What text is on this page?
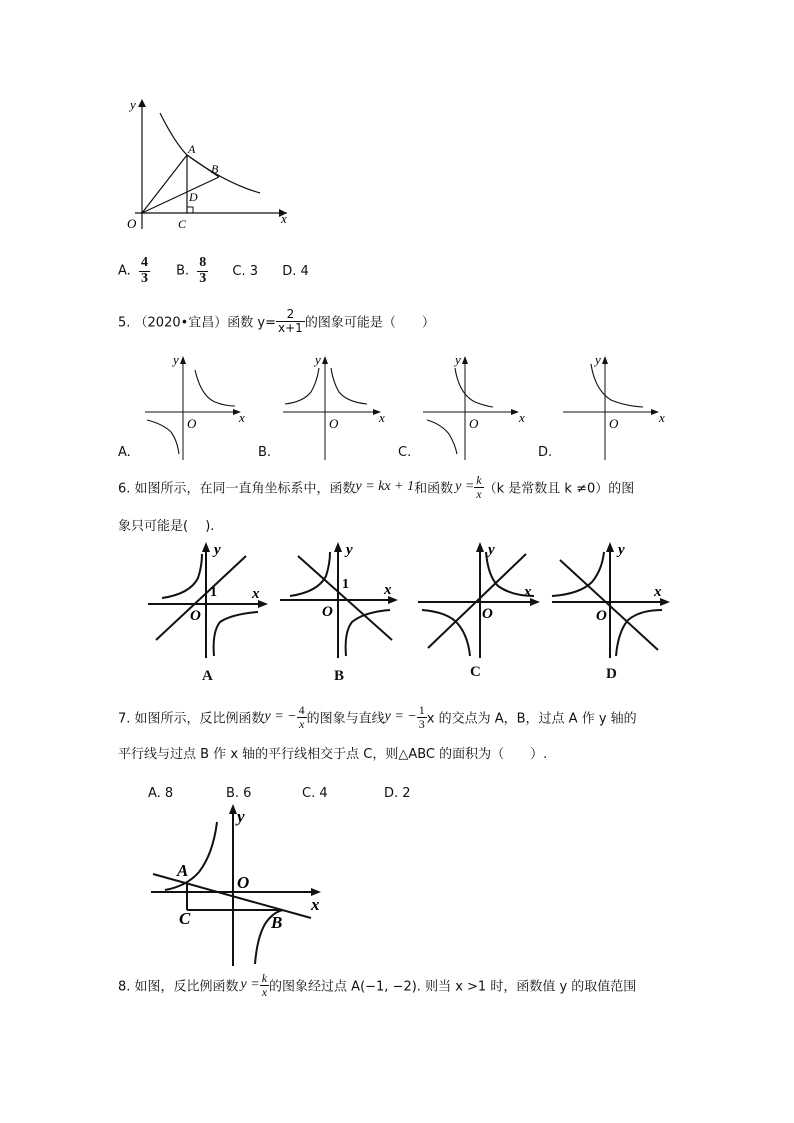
y
x
O
A
B
C
D
A. $\frac{4}{3} B$. $\frac{8}{3} C$. 3 D. 4
5. （2020•宜昌）函数 $y= \frac{2}{x+1}$ 的图象可能是（　　）
y
x
O
y
x
O
y
x
O
y
x
O
A.	B.	C.	D.
6. 如图所示，在同一直角坐标系中，函数y = kx + 1和函数 $y = \frac{k}{x} (k$ 是常数且 k ≠0）的图
象只可能是(　 ).
y
x
O
y
x
O
y
x
O
y
x
O
1
1
A	B	C	D
7. 如图所示，反比例函数y = − $\frac{4}{x}$ 的图象与直线y = − $\frac{1}{3}$ x 的交点为 A，B，过点 A 作 y 轴的
平行线与过点 B 作 x 轴的平行线相交于点 C，则△ABC 的面积为（　　）.
A. 8	B. 6	C. 4	D. 2
y
x
O
A
B
C
8. 如图，反比例函数 $y = \frac{k}{x}$ 的图象经过点 A(−1, −2). 则当 x >1 时，函数值 y 的取值范围
